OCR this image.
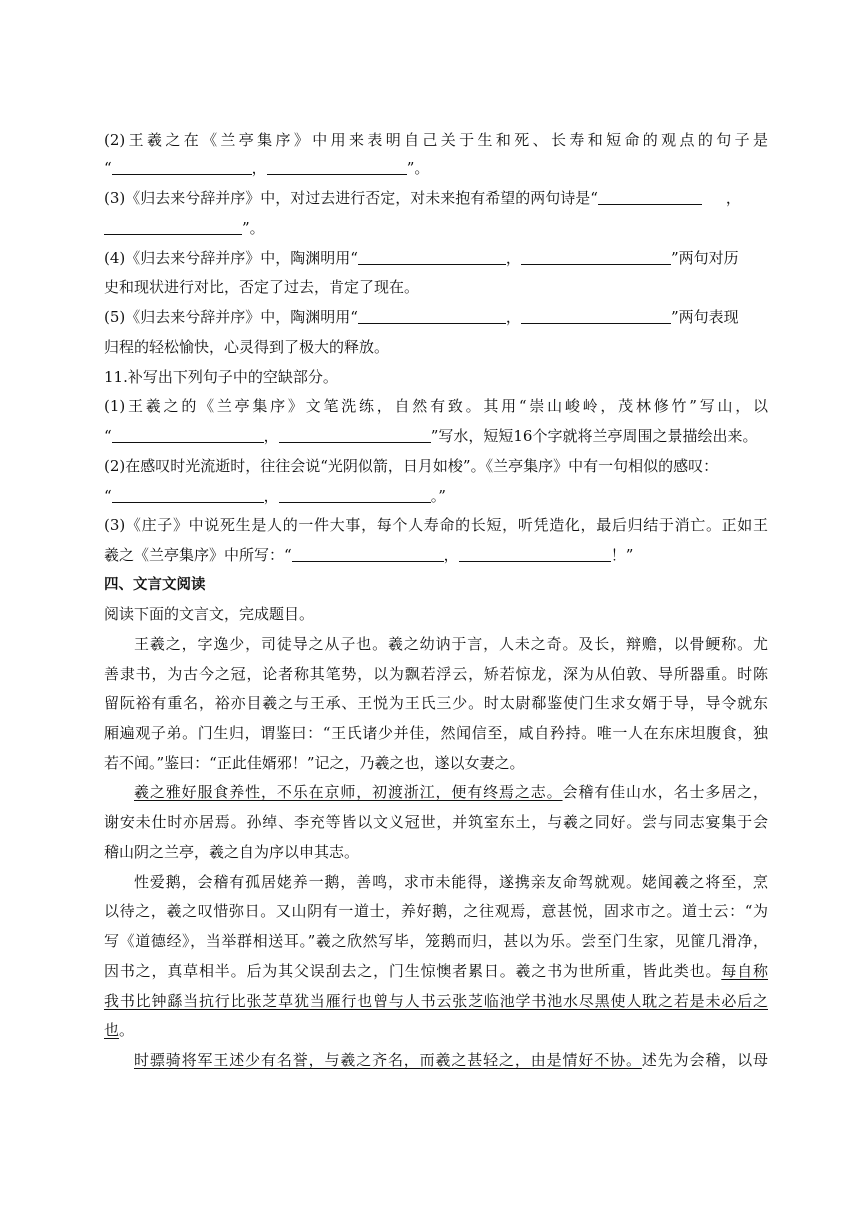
(2)王羲之在《兰亭集序》中用来表明自己关于生和死、长寿和短命的观点的句子是
“	，	”。
(3)《归去来兮辞并序》中，对过去进行否定，对未来抱有希望的两句诗是“	，
”。
(4)《归去来兮辞并序》中，陶渊明用“	，	”两句对历
史和现状进行对比，否定了过去，肯定了现在。
(5)《归去来兮辞并序》中，陶渊明用“	，	”两句表现
归程的轻松愉快，心灵得到了极大的释放。
11.补写出下列句子中的空缺部分。
(1)王羲之的《兰亭集序》文笔洗练，自然有致。其用“崇山峻岭，茂林修竹”写山，以
“	，	”写水，短短16个字就将兰亭周围之景描绘出来。
(2)在感叹时光流逝时，往往会说“光阴似箭，日月如梭”。《兰亭集序》中有一句相似的感叹：
“	，	。”
(3)《庄子》中说死生是人的一件大事，每个人寿命的长短，听凭造化，最后归结于消亡。正如王
羲之《兰亭集序》中所写：“	，	！”
四、文言文阅读
阅读下面的文言文，完成题目。
王羲之，字逸少，司徒导之从子也。羲之幼讷于言，人未之奇。及长，辩赡，以骨鲠称。尤
善隶书，为古今之冠，论者称其笔势，以为飘若浮云，矫若惊龙，深为从伯敦、导所器重。时陈
留阮裕有重名，裕亦目羲之与王承、王悦为王氏三少。时太尉郗鉴使门生求女婿于导，导令就东
厢遍观子弟。门生归，谓鉴曰：“王氏诸少并佳，然闻信至，咸自矜持。唯一人在东床坦腹食，独
若不闻。”鉴曰：“正此佳婿邪！”记之，乃羲之也，遂以女妻之。
羲之雅好服食养性，不乐在京师，初渡浙江，便有终焉之志。会稽有佳山水，名士多居之，
谢安未仕时亦居焉。孙绰、李充等皆以文义冠世，并筑室东土，与羲之同好。尝与同志宴集于会
稽山阴之兰亭，羲之自为序以申其志。
性爱鹅，会稽有孤居姥养一鹅，善鸣，求市未能得，遂携亲友命驾就观。姥闻羲之将至，烹
以待之，羲之叹惜弥日。又山阴有一道士，养好鹅，之往观焉，意甚悦，固求市之。道士云：“为
写《道德经》，当举群相送耳。”羲之欣然写毕，笼鹅而归，甚以为乐。尝至门生家，见篚几滑净，
因书之，真草相半。后为其父误刮去之，门生惊懊者累日。羲之书为世所重，皆此类也。每自称
我书比钟繇当抗行比张芝草犹当雁行也曾与人书云张芝临池学书池水尽黑使人耽之若是未必后之
也。
时骠骑将军王述少有名誉，与羲之齐名，而羲之甚轻之，由是情好不协。述先为会稽，以母
